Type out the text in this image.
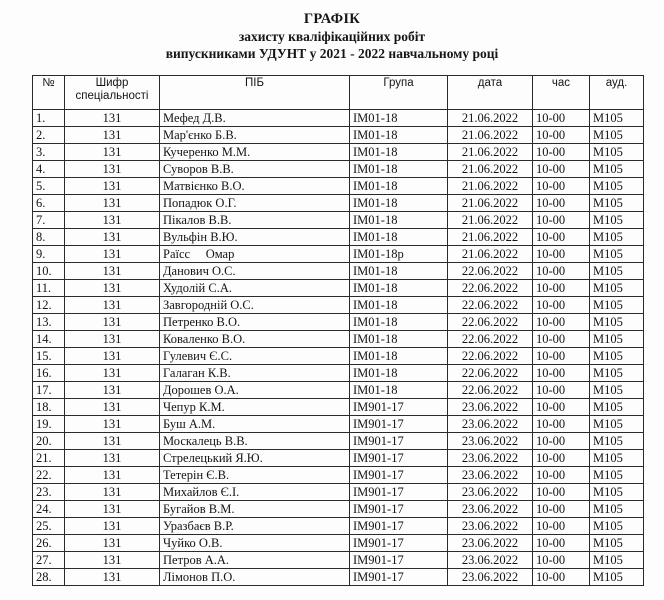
ГРАФІК
захисту кваліфікаційних робіт
випускниками УДУНТ у 2021 - 2022 навчальному році
№	Шифр спеціальності	ПІБ	Група	дата	час	ауд.
1.	131	Мефед Д.В.	ІМ01-18	21.06.2022	10-00	М105
2.	131	Мар'єнко Б.В.	ІМ01-18	21.06.2022	10-00	М105
3.	131	Кучеренко М.М.	ІМ01-18	21.06.2022	10-00	М105
4.	131	Суворов В.В.	ІМ01-18	21.06.2022	10-00	М105
5.	131	Матвієнко В.О.	ІМ01-18	21.06.2022	10-00	М105
6.	131	Попадюк О.Г.	ІМ01-18	21.06.2022	10-00	М105
7.	131	Пікалов В.В.	ІМ01-18	21.06.2022	10-00	М105
8.	131	Вульфін В.Ю.	ІМ01-18	21.06.2022	10-00	М105
9.	131	Раїсс     Омар	ІМ01-18р	21.06.2022	10-00	М105
10.	131	Данович О.С.	ІМ01-18	22.06.2022	10-00	М105
11.	131	Худолій С.А.	ІМ01-18	22.06.2022	10-00	М105
12.	131	Завгородній О.С.	ІМ01-18	22.06.2022	10-00	М105
13.	131	Петренко В.О.	ІМ01-18	22.06.2022	10-00	М105
14.	131	Коваленко В.О.	ІМ01-18	22.06.2022	10-00	М105
15.	131	Гулевич Є.С.	ІМ01-18	22.06.2022	10-00	М105
16.	131	Галаган К.В.	ІМ01-18	22.06.2022	10-00	М105
17.	131	Дорошев О.А.	ІМ01-18	22.06.2022	10-00	М105
18.	131	Чепур К.М.	ІМ901-17	23.06.2022	10-00	М105
19.	131	Буш А.М.	ІМ901-17	23.06.2022	10-00	М105
20.	131	Москалець В.В.	ІМ901-17	23.06.2022	10-00	М105
21.	131	Стрелецький Я.Ю.	ІМ901-17	23.06.2022	10-00	М105
22.	131	Тетерін Є.В.	ІМ901-17	23.06.2022	10-00	М105
23.	131	Михайлов Є.І.	ІМ901-17	23.06.2022	10-00	М105
24.	131	Бугайов В.М.	ІМ901-17	23.06.2022	10-00	М105
25.	131	Уразбаєв В.Р.	ІМ901-17	23.06.2022	10-00	М105
26.	131	Чуйко О.В.	ІМ901-17	23.06.2022	10-00	М105
27.	131	Петров А.А.	ІМ901-17	23.06.2022	10-00	М105
28.	131	Лімонов П.О.	ІМ901-17	23.06.2022	10-00	М105
